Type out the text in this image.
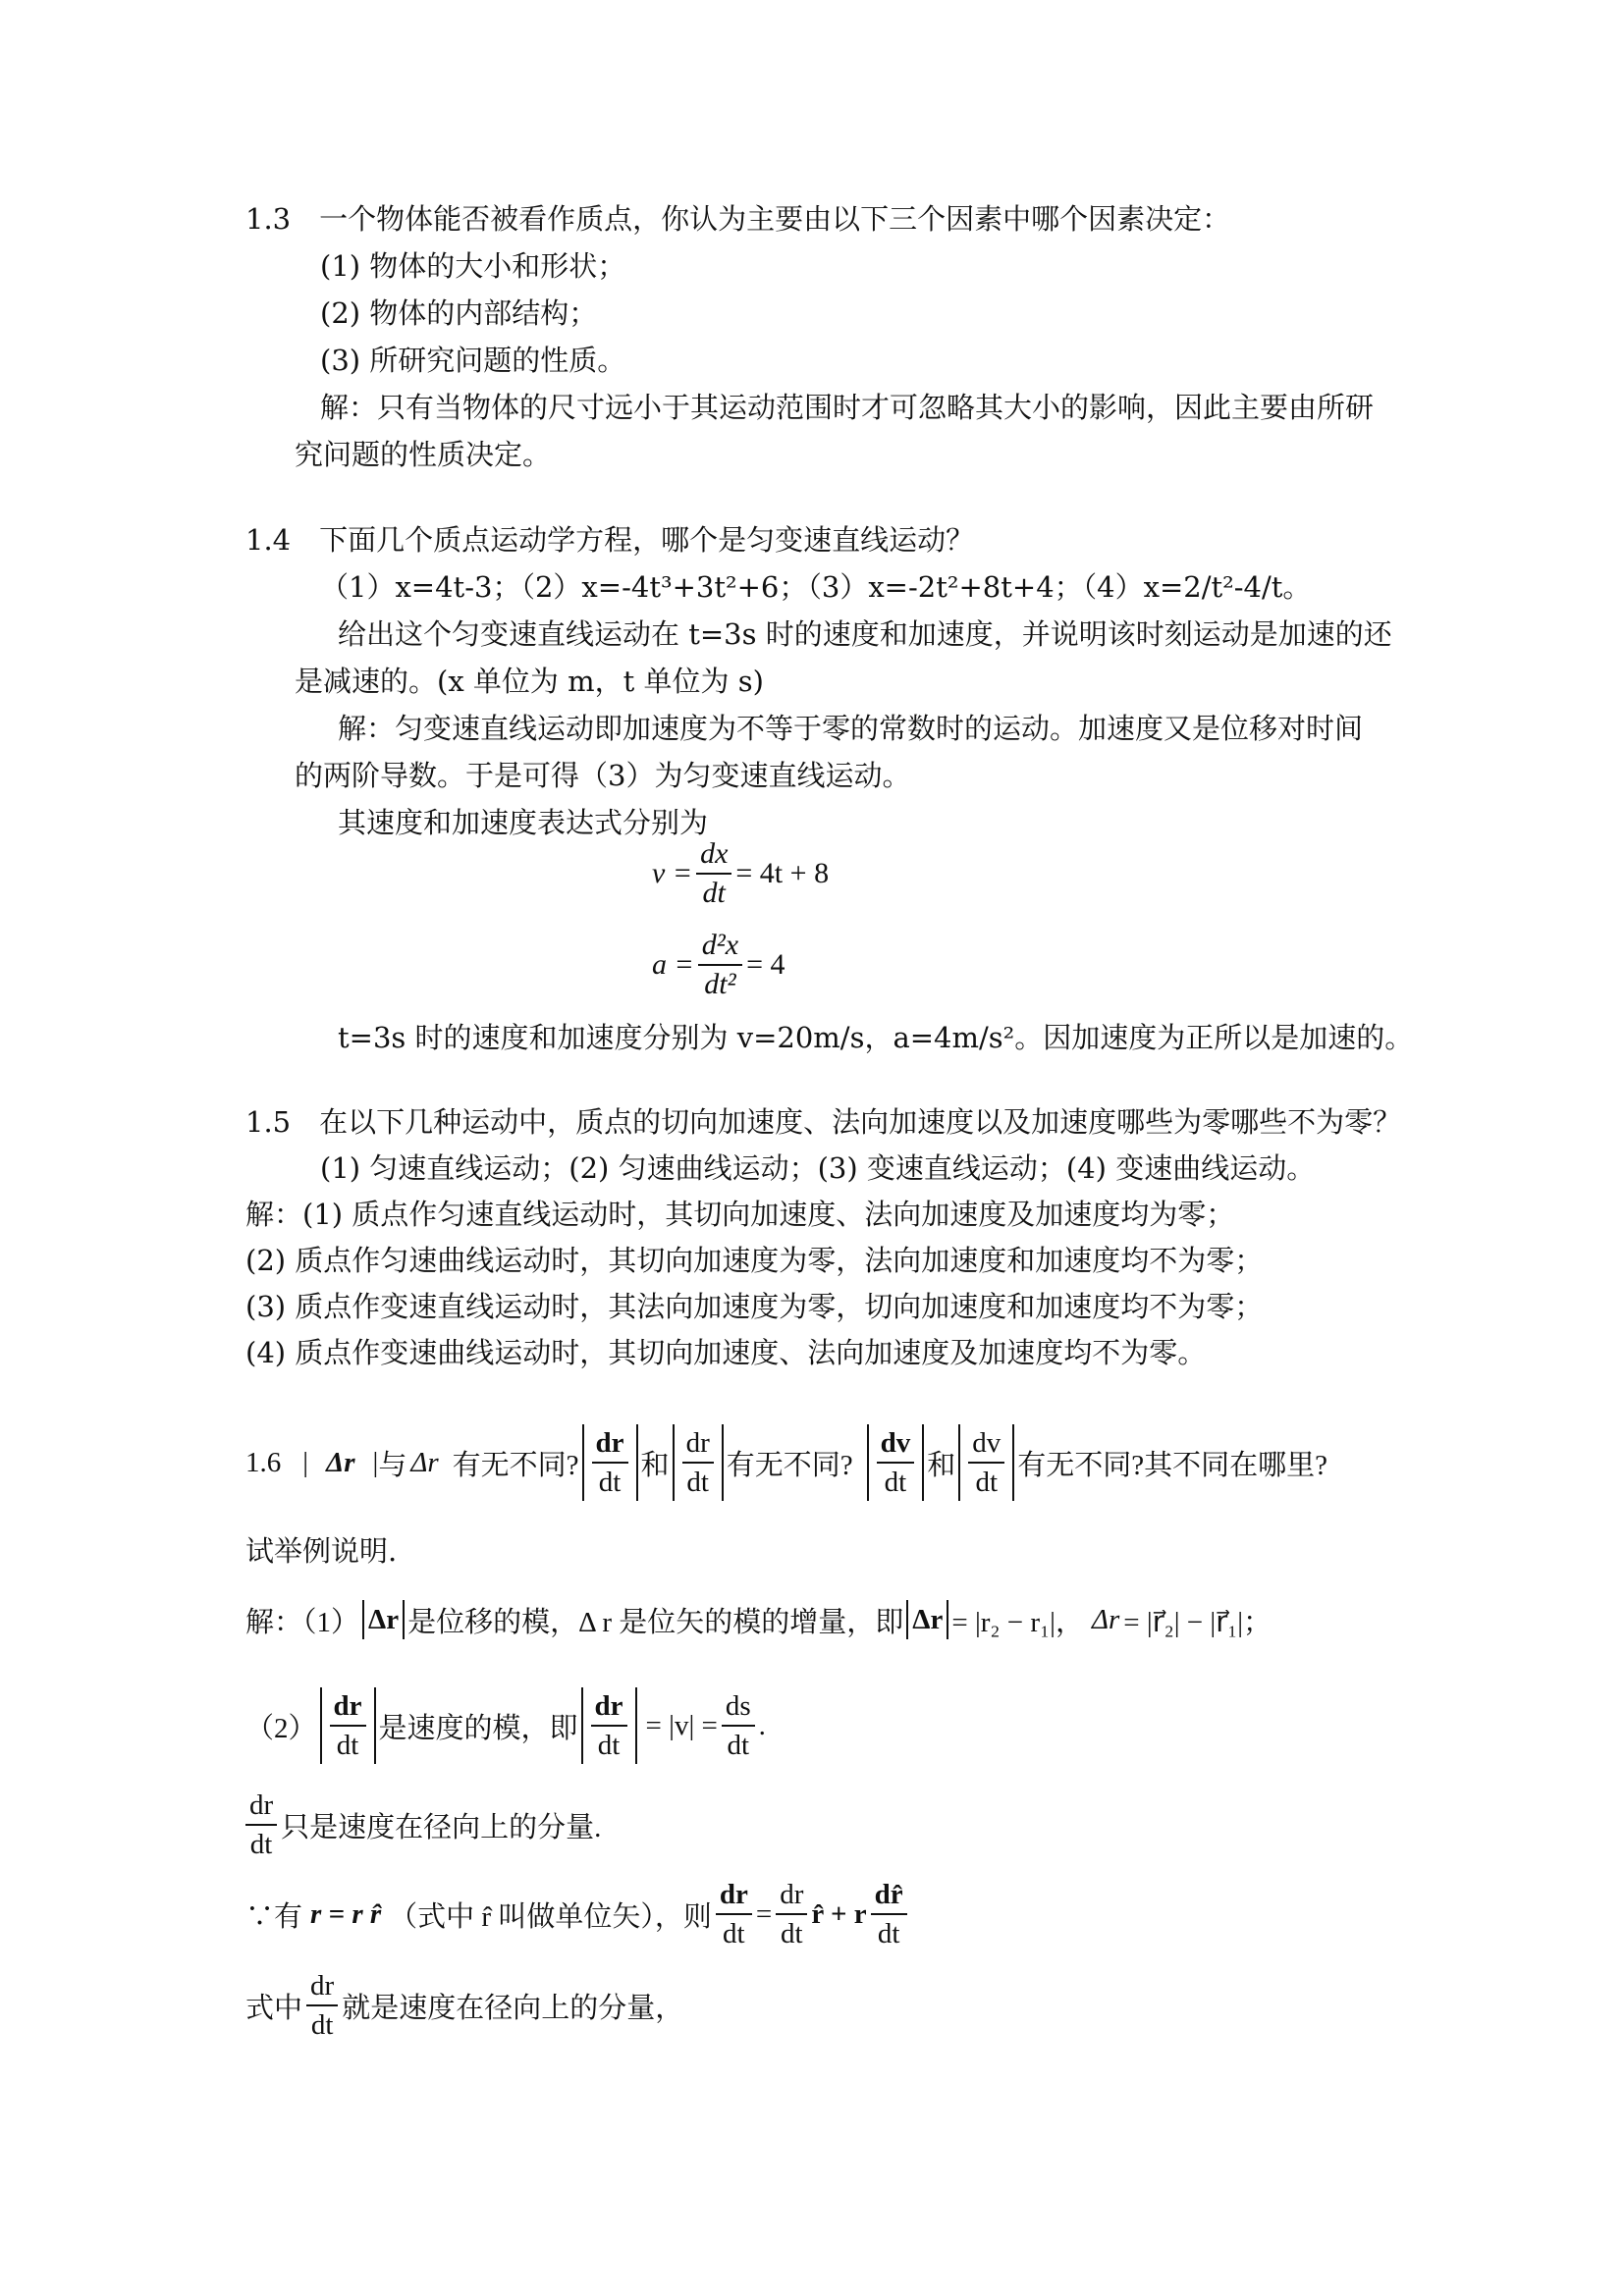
1.3　一个物体能否被看作质点，你认为主要由以下三个因素中哪个因素决定：
(1) 物体的大小和形状；
(2) 物体的内部结构；
(3) 所研究问题的性质。
解：只有当物体的尺寸远小于其运动范围时才可忽略其大小的影响，因此主要由所研
究问题的性质决定。
1.4　下面几个质点运动学方程，哪个是匀变速直线运动？
（1）x=4t-3；（2）x=-4t³+3t²+6；（3）x=-2t²+8t+4；（4）x=2/t²-4/t。
给出这个匀变速直线运动在 t=3s 时的速度和加速度，并说明该时刻运动是加速的还
是减速的。(x 单位为 m，t 单位为 s)
解：匀变速直线运动即加速度为不等于零的常数时的运动。加速度又是位移对时间
的两阶导数。于是可得（3）为匀变速直线运动。
其速度和加速度表达式分别为
$v = \frac{dx}{dt} = 4t + 8$
$a = \frac{\text{d²x}}{\text{dt²}} = 4$
t=3s 时的速度和加速度分别为 v=20m/s，a=4m/s²。因加速度为正所以是加速的。
1.5　在以下几种运动中，质点的切向加速度、法向加速度以及加速度哪些为零哪些不为零？
(1) 匀速直线运动；(2) 匀速曲线运动；(3) 变速直线运动；(4) 变速曲线运动。
解：(1) 质点作匀速直线运动时，其切向加速度、法向加速度及加速度均为零；
(2) 质点作匀速曲线运动时，其切向加速度为零，法向加速度和加速度均不为零；
(3) 质点作变速直线运动时，其法向加速度为零，切向加速度和加速度均不为零；
(4) 质点作变速曲线运动时，其切向加速度、法向加速度及加速度均不为零。
1.6 | Δr | 与 Δr 有无不同? $\frac{dr}{dt}$ 和 $\frac{dr}{dt}$ 有无不同? $\frac{dv}{dt}$ 和 $\frac{dv}{dt}$ 有无不同?其不同在哪里?
试举例说明.
解：（1） Δr 是位移的模，Δ r 是位矢的模的增量，即 Δr = |r₂ − r₁|， Δr = |r⃗₂| − |r⃗₁|；
$(2) \frac{dr}{dt}$ 是速度的模，即 $\frac{dr}{dt} = |v| = \frac{ds}{dt}$ .
$\frac{dr}{dt}$ 只是速度在径向上的分量.
∵有 r = r r̂ （式中 r̂ 叫做单位矢），则 $\frac{dr}{dt} = \frac{dr}{dt}$ r̂ + r $\frac{dr̂}{dt}$
式中 $\frac{dr}{dt}$ 就是速度在径向上的分量，
